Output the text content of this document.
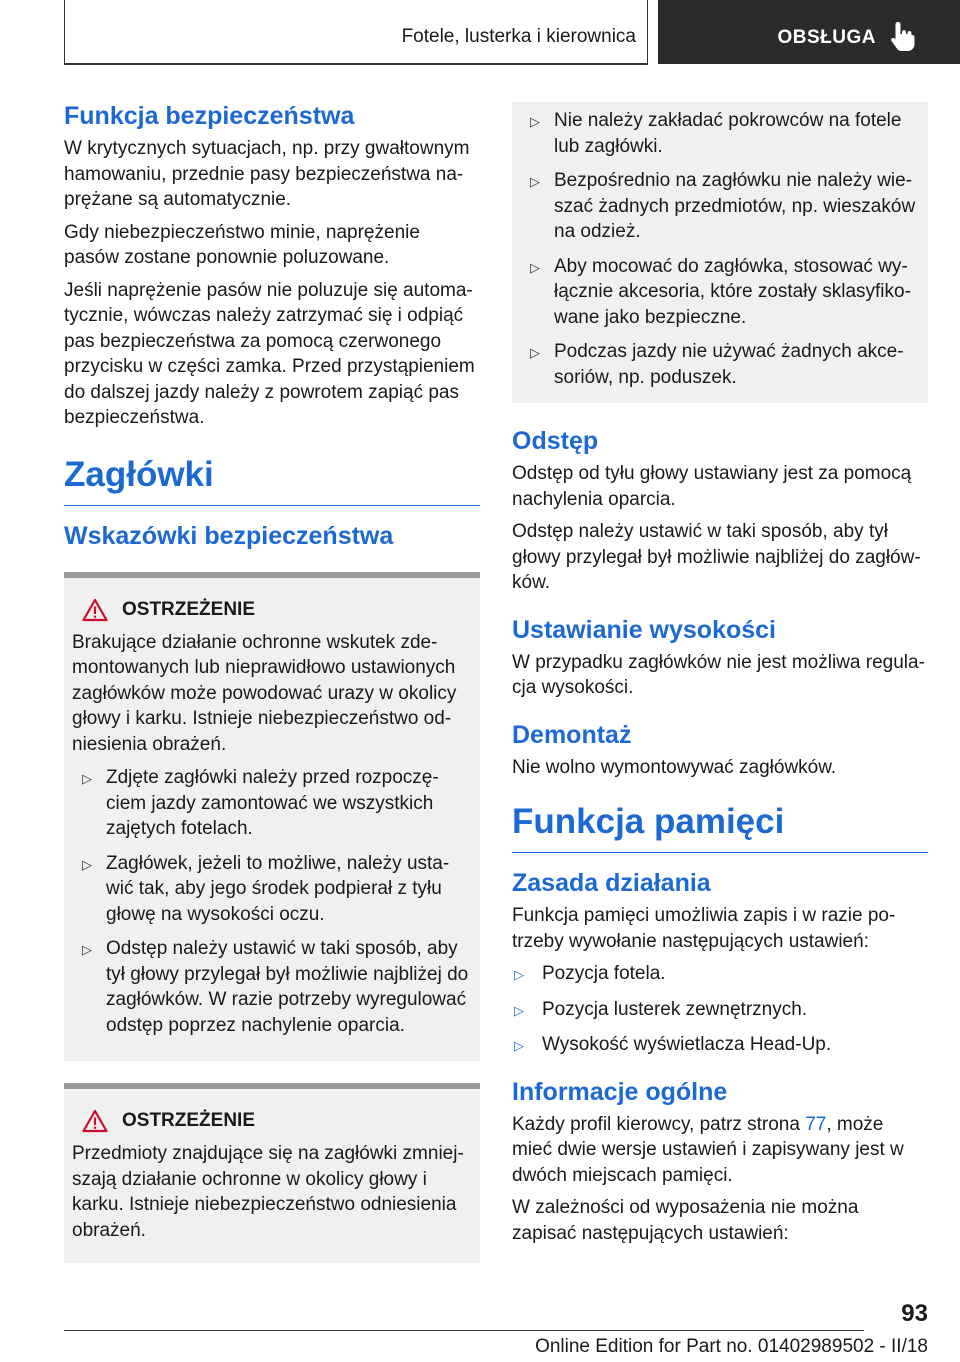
Fotele, lusterka i kierownica	OBSŁUGA
Funkcja bezpieczeństwa

W krytycznych sytuacjach, np. przy gwałtownym hamowaniu, przednie pasy bezpieczeństwa naprężane są automatycznie.

Gdy niebezpieczeństwo minie, naprężenie pasów zostane ponownie poluzowane.

Jeśli naprężenie pasów nie poluzuje się automatycznie, wówczas należy zatrzymać się i odpiąć pas bezpieczeństwa za pomocą czerwonego przycisku w części zamka. Przed przystąpieniem do dalszej jazdy należy z powrotem zapiąć pas bezpieczeństwa.

Zagłówki
Wskazówki bezpieczeństwa
OSTRZEŻENIE

Brakujące działanie ochronne wskutek zdemontowanych lub nieprawidłowo ustawionych zagłówków może powodować urazy w okolicy głowy i karku. Istnieje niebezpieczeństwo odniesienia obrażeń.

▷ Zdjęte zagłówki należy przed rozpoczęciem jazdy zamontować we wszystkich zajętych fotelach.
▷ Zagłówek, jeżeli to możliwe, należy ustawić tak, aby jego środek podpierał z tyłu głowę na wysokości oczu.
▷ Odstęp należy ustawić w taki sposób, aby tył głowy przylegał był możliwie najbliżej do zagłówków. W razie potrzeby wyregulować odstęp poprzez nachylenie oparcia.
OSTRZEŻENIE

Przedmioty znajdujące się na zagłówki zmniejszają działanie ochronne w okolicy głowy i karku. Istnieje niebezpieczeństwo odniesienia obrażeń.

▷ Nie należy zakładać pokrowców na fotele lub zagłówki.
▷ Bezpośrednio na zagłówku nie należy wieszać żadnych przedmiotów, np. wieszaków na odzież.
▷ Aby mocować do zagłówka, stosować wyłącznie akcesoria, które zostały sklasyfikowane jako bezpieczne.
▷ Podczas jazdy nie używać żadnych akcesoriów, np. poduszek.
Odstęp

Odstęp od tyłu głowy ustawiany jest za pomocą nachylenia oparcia.

Odstęp należy ustawić w taki sposób, aby tył głowy przylegał był możliwie najbliżej do zagłówków.

Ustawianie wysokości

W przypadku zagłówków nie jest możliwa regulacja wysokości.

Demontaż

Nie wolno wymontowywać zagłówków.

Funkcja pamięci
Zasada działania

Funkcja pamięci umożliwia zapis i w razie potrzeby wywołanie następujących ustawień:

▷ Pozycja fotela.
▷ Pozycja lusterek zewnętrznych.
▷ Wysokość wyświetlacza Head-Up.
Informacje ogólne

Każdy profil kierowcy, patrz strona 77, może mieć dwie wersje ustawień i zapisywany jest w dwóch miejscach pamięci.

W zależności od wyposażenia nie można zapisać następujących ustawień:

93
Online Edition for Part no. 01402989502 - II/18
